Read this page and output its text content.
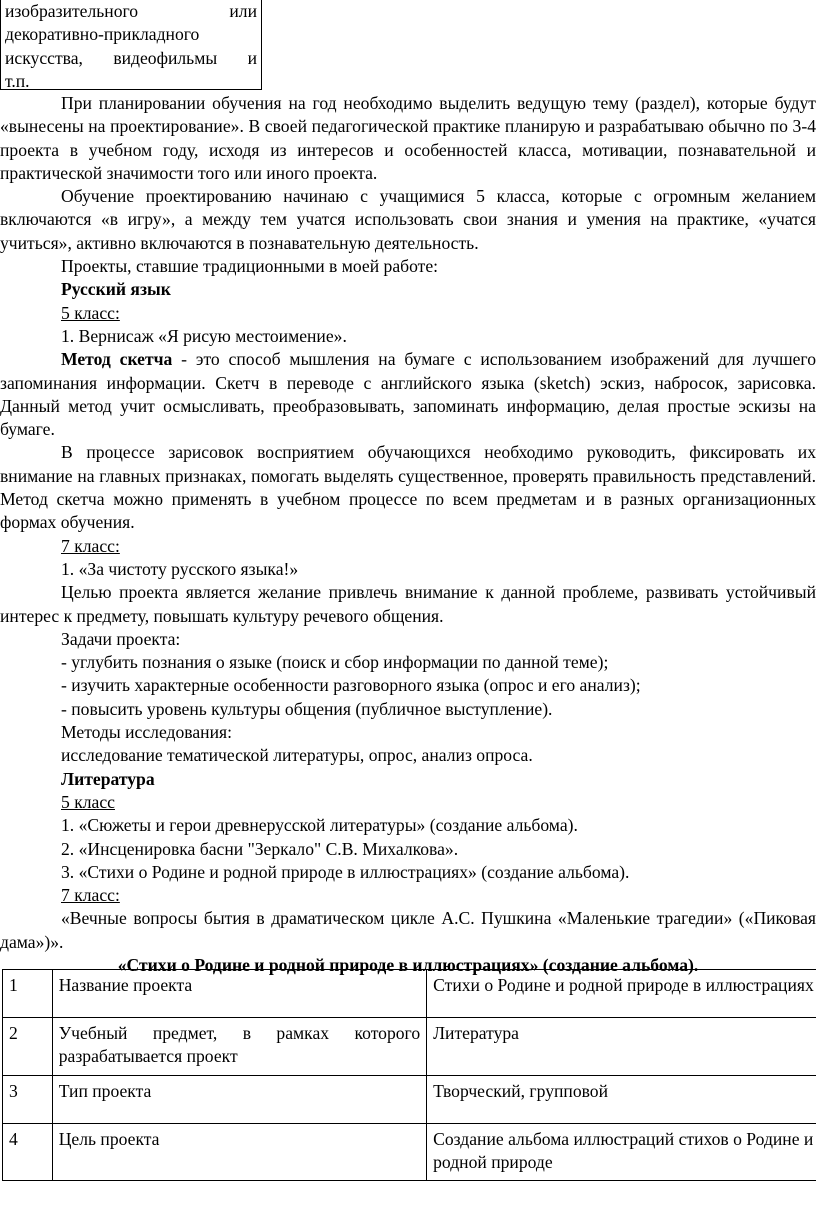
изобразительного	или
декоративно-прикладного
искусства, видеофильмы и
т.п.

При планировании обучения на год необходимо выделить ведущую тему (раздел), которые будут «вынесены на проектирование». В своей педагогической практике планирую и разрабатываю обычно по 3-4 проекта в учебном году, исходя из интересов и особенностей класса, мотивации, познавательной и практической значимости того или иного проекта.

Обучение проектированию начинаю с учащимися 5 класса, которые с огромным желанием включаются «в игру», а между тем учатся использовать свои знания и умения на практике, «учатся учиться», активно включаются в познавательную деятельность.

Проекты, ставшие традиционными в моей работе:

Русский язык

5 класс:

1. Вернисаж «Я рисую местоимение».

Метод скетча - это способ мышления на бумаге с использованием изображений для лучшего запоминания информации. Скетч в переводе с английского языка (sketch) эскиз, набросок, зарисовка. Данный метод учит осмысливать, преобразовывать, запоминать информацию, делая простые эскизы на бумаге.

В процессе зарисовок восприятием обучающихся необходимо руководить, фиксировать их внимание на главных признаках, помогать выделять существенное, проверять правильность представлений. Метод скетча можно применять в учебном процессе по всем предметам и в разных организационных формах обучения.

7 класс:

1. «За чистоту русского языка!»

Целью проекта является желание привлечь внимание к данной проблеме, развивать устойчивый интерес к предмету, повышать культуру речевого общения.

Задачи проекта:

- углубить познания о языке (поиск и сбор информации по данной теме);

- изучить характерные особенности разговорного языка (опрос и его анализ);

- повысить уровень культуры общения (публичное выступление).

Методы исследования:

исследование тематической литературы, опрос, анализ опроса.

Литература

5 класс

1. «Сюжеты и герои древнерусской литературы» (создание альбома).

2. «Инсценировка басни "Зеркало" С.В. Михалкова».

3. «Стихи о Родине и родной природе в иллюстрациях» (создание альбома).

7 класс:

«Вечные вопросы бытия в драматическом цикле А.С. Пушкина «Маленькие трагедии» («Пиковая дама»)».

«Стихи о Родине и родной природе в иллюстрациях» (создание альбома).

1	Название проекта	Стихи о Родине и родной природе в иллюстрациях
2	Учебный предмет, в рамках которого разрабатывается проект	Литература
3	Тип проекта	Творческий, групповой
4	Цель проекта	Создание альбома иллюстраций стихов о Родине и родной природе
